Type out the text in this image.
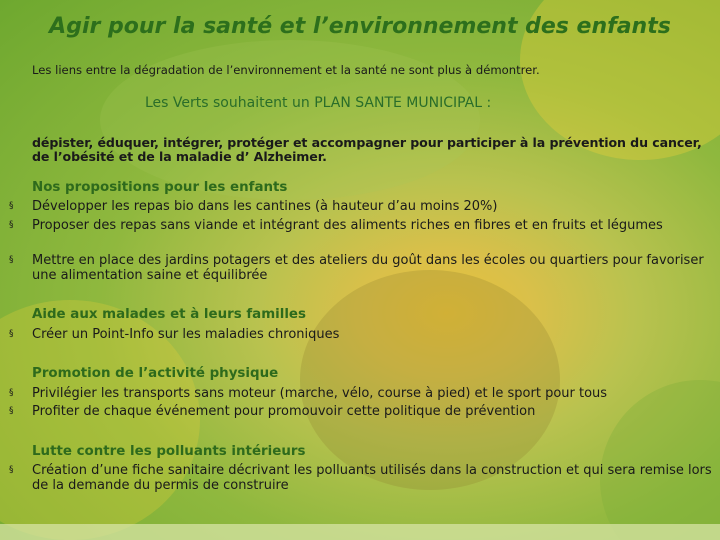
Agir pour la santé et l’environnement des enfants
Les liens entre la dégradation de l’environnement et la santé ne sont plus à démontrer.
Les Verts souhaitent un PLAN SANTE MUNICIPAL :
dépister, éduquer, intégrer, protéger et accompagner pour participer à la prévention du cancer, de l’obésité et de la maladie d’ Alzheimer.
Nos propositions pour les enfants
§ Développer les repas bio dans les cantines (à hauteur d’au moins 20%)
§ Proposer des repas sans viande et intégrant des aliments riches en fibres et en fruits et légumes
§ Mettre en place des jardins potagers et des ateliers du goût dans les écoles ou quartiers pour favoriser une alimentation saine et équilibrée
Aide aux malades et à leurs familles
§ Créer un Point-Info sur les maladies chroniques
Promotion de l’activité physique
§ Privilégier les transports sans moteur (marche, vélo, course à pied) et le sport pour tous
§ Profiter de chaque événement pour promouvoir cette politique de prévention
Lutte contre les polluants intérieurs
§ Création d’une fiche sanitaire décrivant les polluants utilisés dans la construction et qui sera remise lors de la demande du permis de construire
